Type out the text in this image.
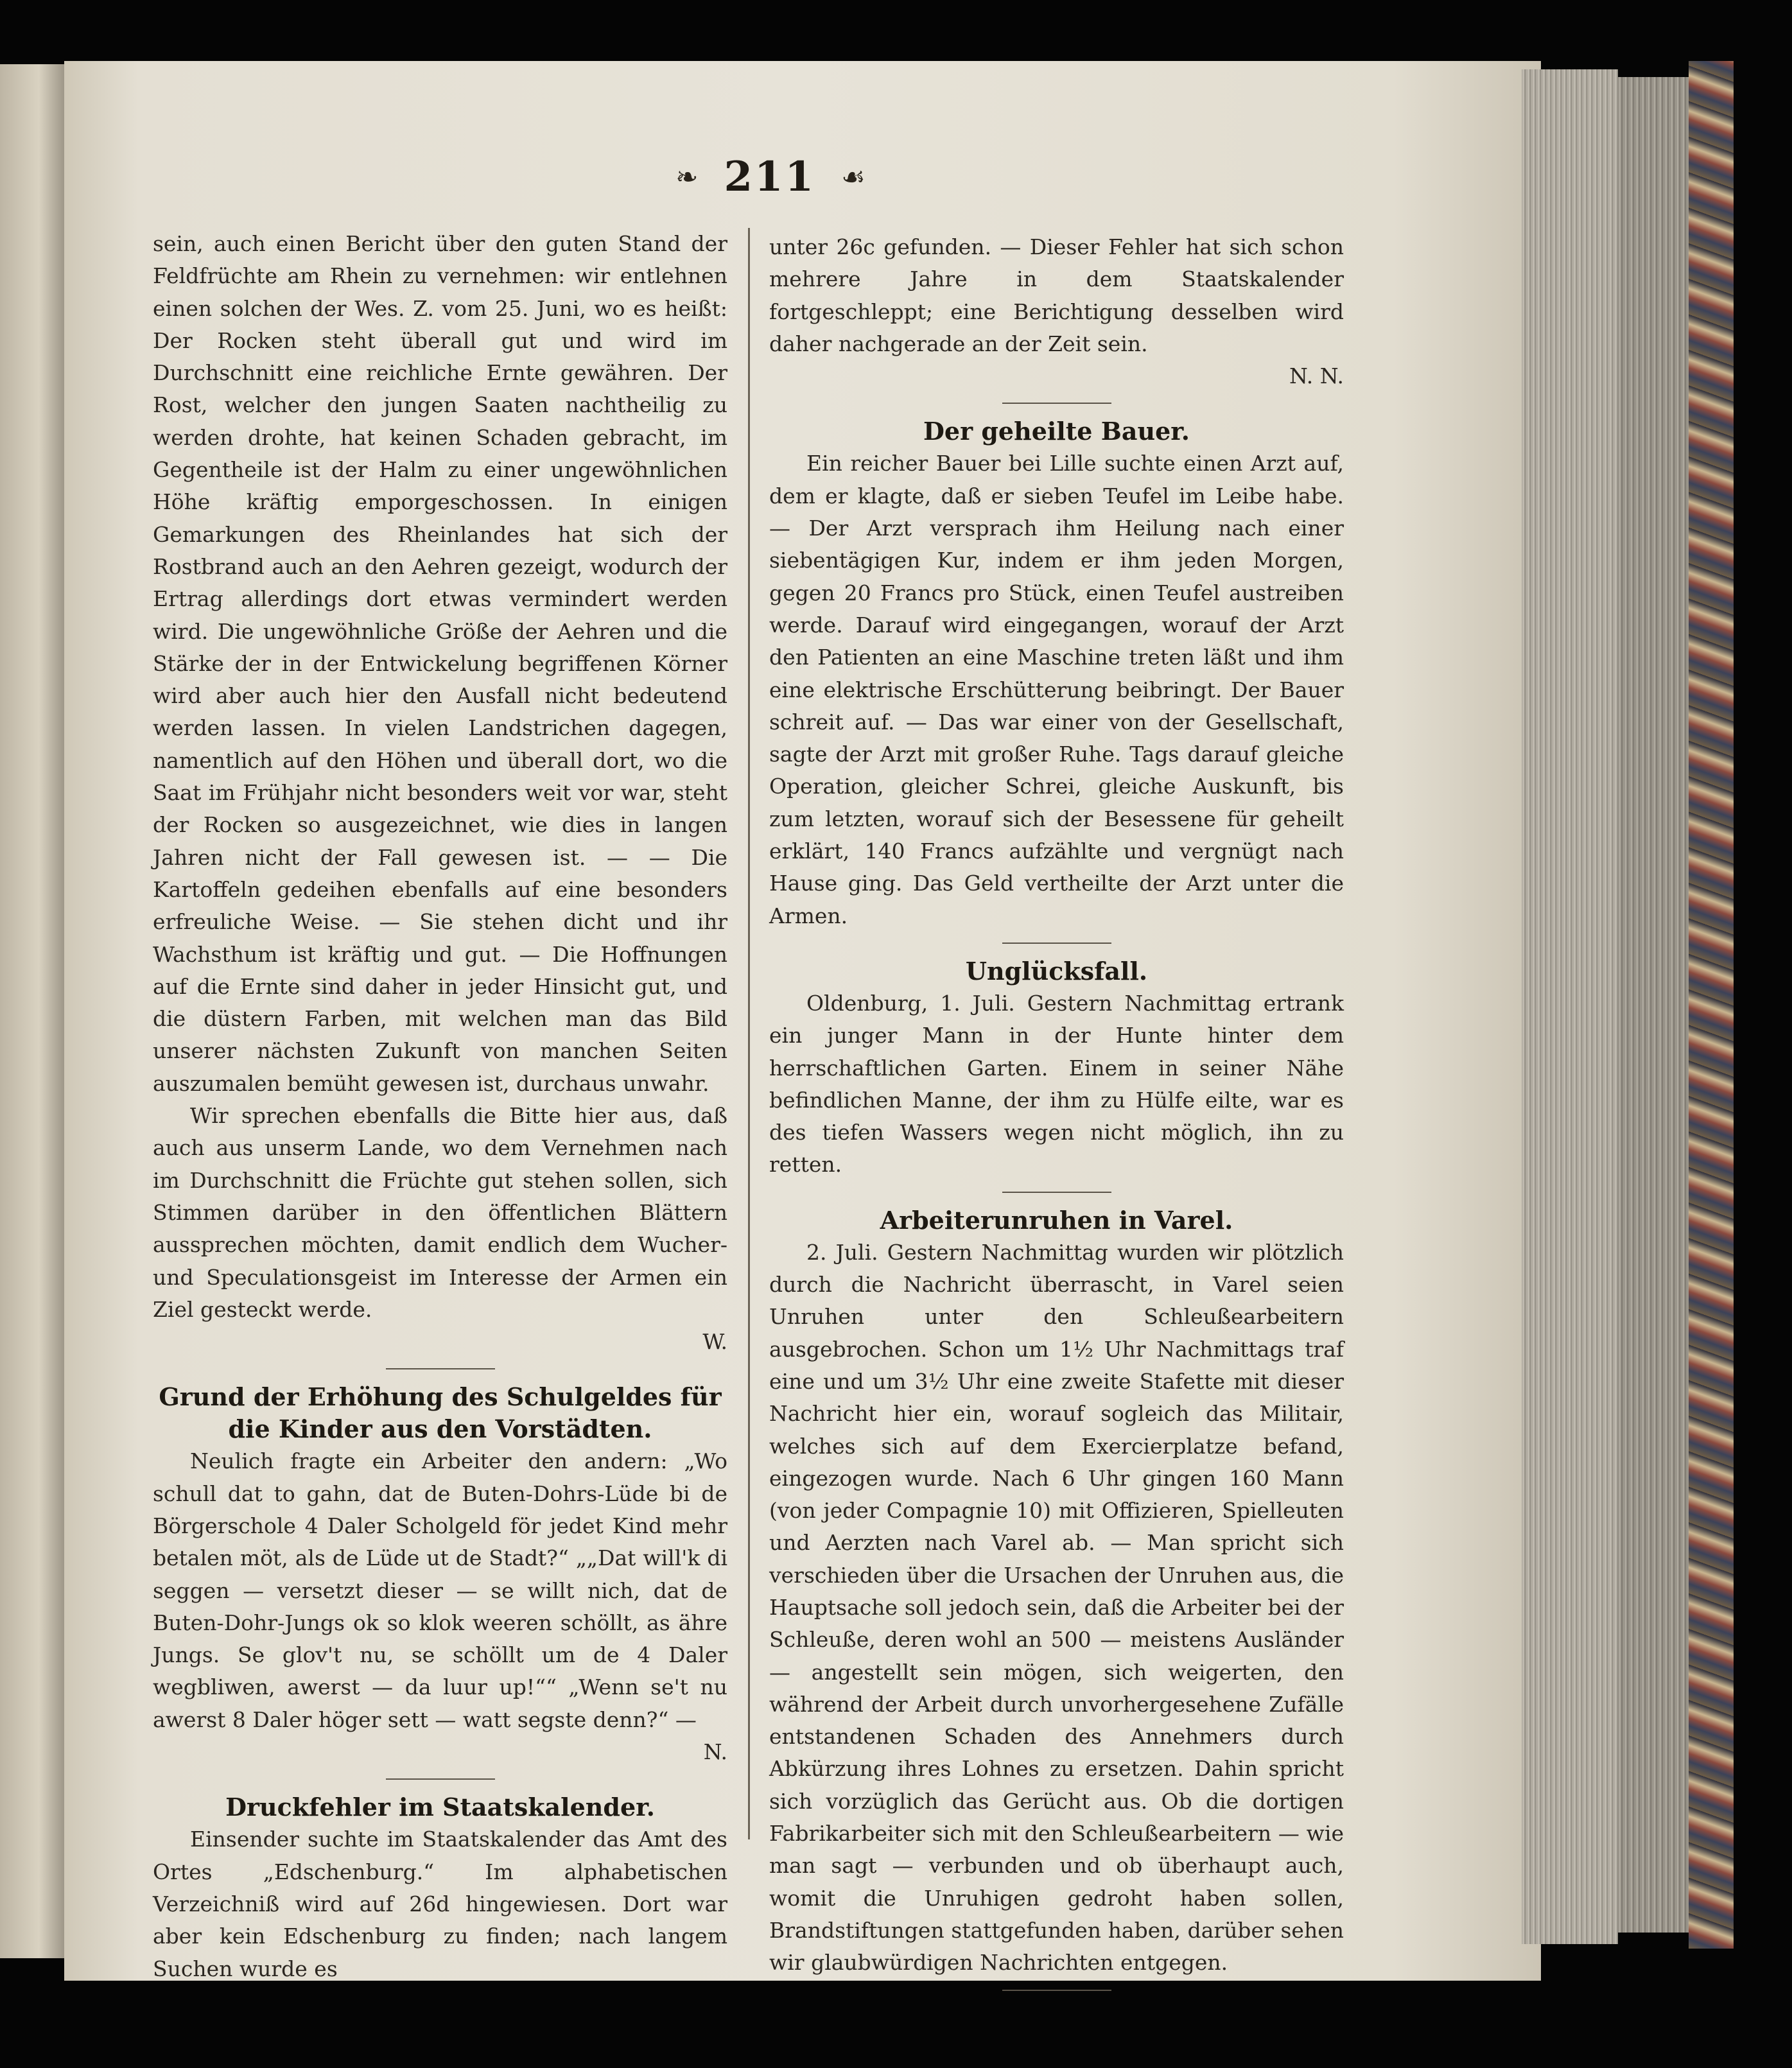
❧ 211 ☙

sein, auch einen Bericht über den guten Stand der Feldfrüchte am Rhein zu vernehmen: wir entlehnen einen solchen der Wes. Z. vom 25. Juni, wo es heißt: Der Rocken steht überall gut und wird im Durchschnitt eine reichliche Ernte gewähren. Der Rost, welcher den jungen Saaten nachtheilig zu werden drohte, hat keinen Schaden gebracht, im Gegentheile ist der Halm zu einer ungewöhnlichen Höhe kräftig emporgeschossen. In einigen Gemarkungen des Rheinlandes hat sich der Rostbrand auch an den Aehren gezeigt, wodurch der Ertrag allerdings dort etwas vermindert werden wird. Die ungewöhnliche Größe der Aehren und die Stärke der in der Entwickelung begriffenen Körner wird aber auch hier den Ausfall nicht bedeutend werden lassen. In vielen Landstrichen dagegen, namentlich auf den Höhen und überall dort, wo die Saat im Frühjahr nicht besonders weit vor war, steht der Rocken so ausgezeichnet, wie dies in langen Jahren nicht der Fall gewesen ist. — — Die Kartoffeln gedeihen ebenfalls auf eine besonders erfreuliche Weise. — Sie stehen dicht und ihr Wachsthum ist kräftig und gut. — Die Hoffnungen auf die Ernte sind daher in jeder Hinsicht gut, und die düstern Farben, mit welchen man das Bild unserer nächsten Zukunft von manchen Seiten auszumalen bemüht gewesen ist, durchaus unwahr.

Wir sprechen ebenfalls die Bitte hier aus, daß auch aus unserm Lande, wo dem Vernehmen nach im Durchschnitt die Früchte gut stehen sollen, sich Stimmen darüber in den öffentlichen Blättern aussprechen möchten, damit endlich dem Wucher- und Speculationsgeist im Interesse der Armen ein Ziel gesteckt werde.

W.
Grund der Erhöhung des Schulgeldes für
die Kinder aus den Vorstädten.

Neulich fragte ein Arbeiter den andern: „Wo schull dat to gahn, dat de Buten-Dohrs-Lüde bi de Börgerschole 4 Daler Scholgeld för jedet Kind mehr betalen möt, als de Lüde ut de Stadt?“ „„Dat will'k di seggen — versetzt dieser — se willt nich, dat de Buten-Dohr-Jungs ok so klok weeren schöllt, as ähre Jungs. Se glov't nu, se schöllt um de 4 Daler wegbliwen, awerst — da luur up!““ „Wenn se't nu awerst 8 Daler höger sett — watt segste denn?“ —

N.
Druckfehler im Staatskalender.

Einsender suchte im Staatskalender das Amt des Ortes „Edschenburg.“ Im alphabetischen Verzeichniß wird auf 26d hingewiesen. Dort war aber kein Edschenburg zu finden; nach langem Suchen wurde es

unter 26c gefunden. — Dieser Fehler hat sich schon mehrere Jahre in dem Staatskalender fortgeschleppt; eine Berichtigung desselben wird daher nachgerade an der Zeit sein.

N. N.
Der geheilte Bauer.

Ein reicher Bauer bei Lille suchte einen Arzt auf, dem er klagte, daß er sieben Teufel im Leibe habe. — Der Arzt versprach ihm Heilung nach einer siebentägigen Kur, indem er ihm jeden Morgen, gegen 20 Francs pro Stück, einen Teufel austreiben werde. Darauf wird eingegangen, worauf der Arzt den Patienten an eine Maschine treten läßt und ihm eine elektrische Erschütterung beibringt. Der Bauer schreit auf. — Das war einer von der Gesellschaft, sagte der Arzt mit großer Ruhe. Tags darauf gleiche Operation, gleicher Schrei, gleiche Auskunft, bis zum letzten, worauf sich der Besessene für geheilt erklärt, 140 Francs aufzählte und vergnügt nach Hause ging. Das Geld vertheilte der Arzt unter die Armen.

Unglücksfall.

Oldenburg, 1. Juli. Gestern Nachmittag ertrank ein junger Mann in der Hunte hinter dem herrschaftlichen Garten. Einem in seiner Nähe befindlichen Manne, der ihm zu Hülfe eilte, war es des tiefen Wassers wegen nicht möglich, ihn zu retten.

Arbeiterunruhen in Varel.

2. Juli. Gestern Nachmittag wurden wir plötzlich durch die Nachricht überrascht, in Varel seien Unruhen unter den Schleußearbeitern ausgebrochen. Schon um 1½ Uhr Nachmittags traf eine und um 3½ Uhr eine zweite Stafette mit dieser Nachricht hier ein, worauf sogleich das Militair, welches sich auf dem Exercierplatze befand, eingezogen wurde. Nach 6 Uhr gingen 160 Mann (von jeder Compagnie 10) mit Offizieren, Spielleuten und Aerzten nach Varel ab. — Man spricht sich verschieden über die Ursachen der Unruhen aus, die Hauptsache soll jedoch sein, daß die Arbeiter bei der Schleuße, deren wohl an 500 — meistens Ausländer — angestellt sein mögen, sich weigerten, den während der Arbeit durch unvorhergesehene Zufälle entstandenen Schaden des Annehmers durch Abkürzung ihres Lohnes zu ersetzen. Dahin spricht sich vorzüglich das Gerücht aus. Ob die dortigen Fabrikarbeiter sich mit den Schleußearbeitern — wie man sagt — verbunden und ob überhaupt auch, womit die Unruhigen gedroht haben sollen, Brandstiftungen stattgefunden haben, darüber sehen wir glaubwürdigen Nachrichten entgegen.
